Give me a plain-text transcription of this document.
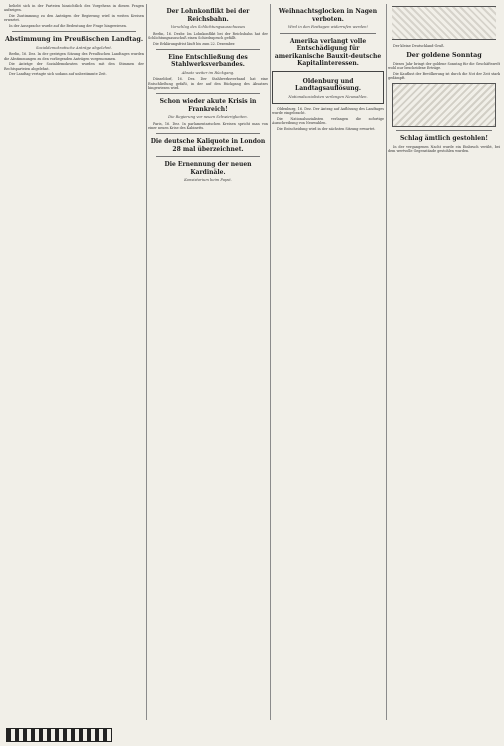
beliebt sich in der Parteien hinsichtlich des Vorgehens in diesen Fragen aufzeigen.

Die Zustimmung zu den Anträgen der Regierung wird in weiten Kreisen erwartet.

In der Aussprache wurde auf die Bedeutung der Frage hingewiesen.

Abstimmung im Preußischen Landtag.
Sozialdemokratische Anträge abgelehnt.

Berlin, 16. Dez. In der gestrigen Sitzung des Preußischen Landtages wurden die Abstimmungen zu den vorliegenden Anträgen vorgenommen.

Die Anträge der Sozialdemokraten wurden mit den Stimmen der Rechtsparteien abgelehnt.

Der Landtag vertagte sich sodann auf unbestimmte Zeit.

Der Lohnkonflikt bei der Reichsbahn.
Vorschlag des Schlichtungsausschusses

Berlin, 16. Dezbr. Im Lohnkonflikt bei der Reichsbahn hat der Schlichtungsausschuß einen Schiedsspruch gefällt.

Die Erklärungsfrist läuft bis zum 22. Dezember.

Eine Entschließung des Stahlwerksverbandes.
Absatz weiter im Rückgang.

Düsseldorf, 16. Dez. Der Stahlwerksverband hat eine Entschließung gefaßt, in der auf den Rückgang des Absatzes hingewiesen wird.

Schon wieder akute Krisis in Frankreich!
Die Regierung vor neuen Schwierigkeiten.

Paris, 16. Dez. In parlamentarischen Kreisen spricht man von einer neuen Krise des Kabinetts.

Die deutsche Kaliquote in London 28 mal überzeichnet.
Die Ernennung der neuen Kardinäle.
Konsistorium beim Papst.
Weihnachtsglocken in Nagen verboten.
Wird in den Festtagen widerrufen werden!
Amerika verlangt volle Entschädigung für amerikanische Bauxit-deutsche Kapitalinteressen.
Oldenburg und Landtagsauflösung.
Nationalsozialisten verlangen Neuwahlen.

Oldenburg, 16. Dez. Der Antrag auf Auflösung des Landtages wurde eingebracht.

Die Nationalsozialisten verlangen die sofortige Ausschreibung von Neuwahlen.

Die Entscheidung wird in der nächsten Sitzung erwartet.

Der kleine Deutschland-Gruß.

Der goldene Sonntag

Dieses Jahr bringt der goldene Sonntag für die Geschäftswelt wohl nur bescheidene Erträge.

Die Kauflust der Bevölkerung ist durch die Not der Zeit stark gedämpft.

Schlag ämtlich gestohlen!

In der vergangenen Nacht wurde ein Einbruch verübt, bei dem wertvolle Gegenstände gestohlen wurden.
